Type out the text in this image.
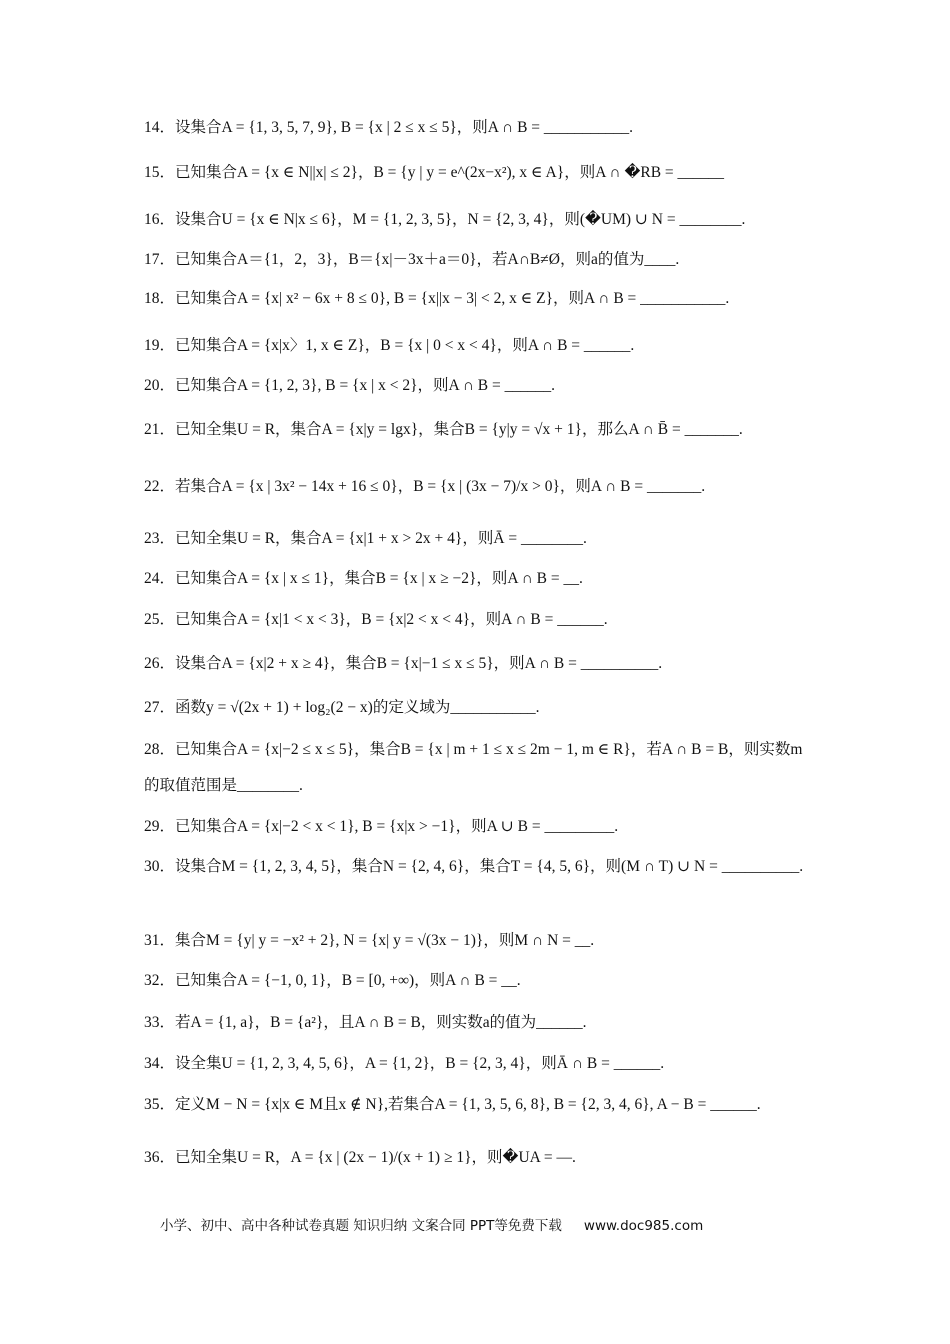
14．设集合A = {1, 3, 5, 7, 9}, B = {x | 2 ≤ x ≤ 5}，则A ∩ B = ___________.
15．已知集合A = {x ∈ N||x| ≤ 2}，B = {y | y = e^(2x−x²), x ∈ A}，则A ∩ �RB = ______
16．设集合U = {x ∈ N|x ≤ 6}，M = {1, 2, 3, 5}，N = {2, 3, 4}，则(�UM) ∪ N = ________.
17．已知集合A＝{1，2，3}，B＝{x|－3x＋a＝0}，若A∩B≠Ø，则a的值为____.
18．已知集合A = {x| x² − 6x + 8 ≤ 0}, B = {x||x − 3| < 2, x ∈ Z}，则A ∩ B = ___________.
19．已知集合A = {x|x〉1, x ∈ Z}，B = {x | 0 < x < 4}，则A ∩ B = ______.
20．已知集合A = {1, 2, 3}, B = {x | x < 2}，则A ∩ B = ______.
21．已知全集U = R，集合A = {x|y = lgx}，集合B = {y|y = √x + 1}，那么A ∩ B̄ = _______.
22．若集合A = {x | 3x² − 14x + 16 ≤ 0}，B = {x | (3x − 7)/x > 0}，则A ∩ B = _______.
23．已知全集U = R，集合A = {x|1 + x > 2x + 4}，则Ā = ________.
24．已知集合A = {x | x ≤ 1}，集合B = {x | x ≥ −2}，则A ∩ B = __.
25．已知集合A = {x|1 < x < 3}，B = {x|2 < x < 4}，则A ∩ B = ______.
26．设集合A = {x|2 + x ≥ 4}，集合B = {x|−1 ≤ x ≤ 5}，则A ∩ B = __________.
27．函数y = √(2x + 1) + log₂(2 − x)的定义域为___________.
28．已知集合A = {x|−2 ≤ x ≤ 5}，集合B = {x | m + 1 ≤ x ≤ 2m − 1, m ∈ R}，若A ∩ B = B，则实数m的取值范围是________.
29．已知集合A = {x|−2 < x < 1}, B = {x|x > −1}，则A ∪ B = _________.
30．设集合M = {1, 2, 3, 4, 5}，集合N = {2, 4, 6}，集合T = {4, 5, 6}，则(M ∩ T) ∪ N = __________.
31．集合M = {y| y = −x² + 2}, N = {x| y = √(3x − 1)}，则M ∩ N = __.
32．已知集合A = {−1, 0, 1}，B = [0, +∞)，则A ∩ B = __.
33．若A = {1, a}，B = {a²}，且A ∩ B = B，则实数a的值为______.
34．设全集U = {1, 2, 3, 4, 5, 6}，A = {1, 2}，B = {2, 3, 4}，则Ā ∩ B = ______.
35．定义M − N = {x|x ∈ M且x ∉ N},若集合A = {1, 3, 5, 6, 8}, B = {2, 3, 4, 6}, A − B = ______.
36．已知全集U = R，A = {x | (2x − 1)/(x + 1) ≥ 1}，则�UA = —.
小学、初中、高中各种试卷真题 知识归纳 文案合同 PPT等免费下载 www.doc985.com
